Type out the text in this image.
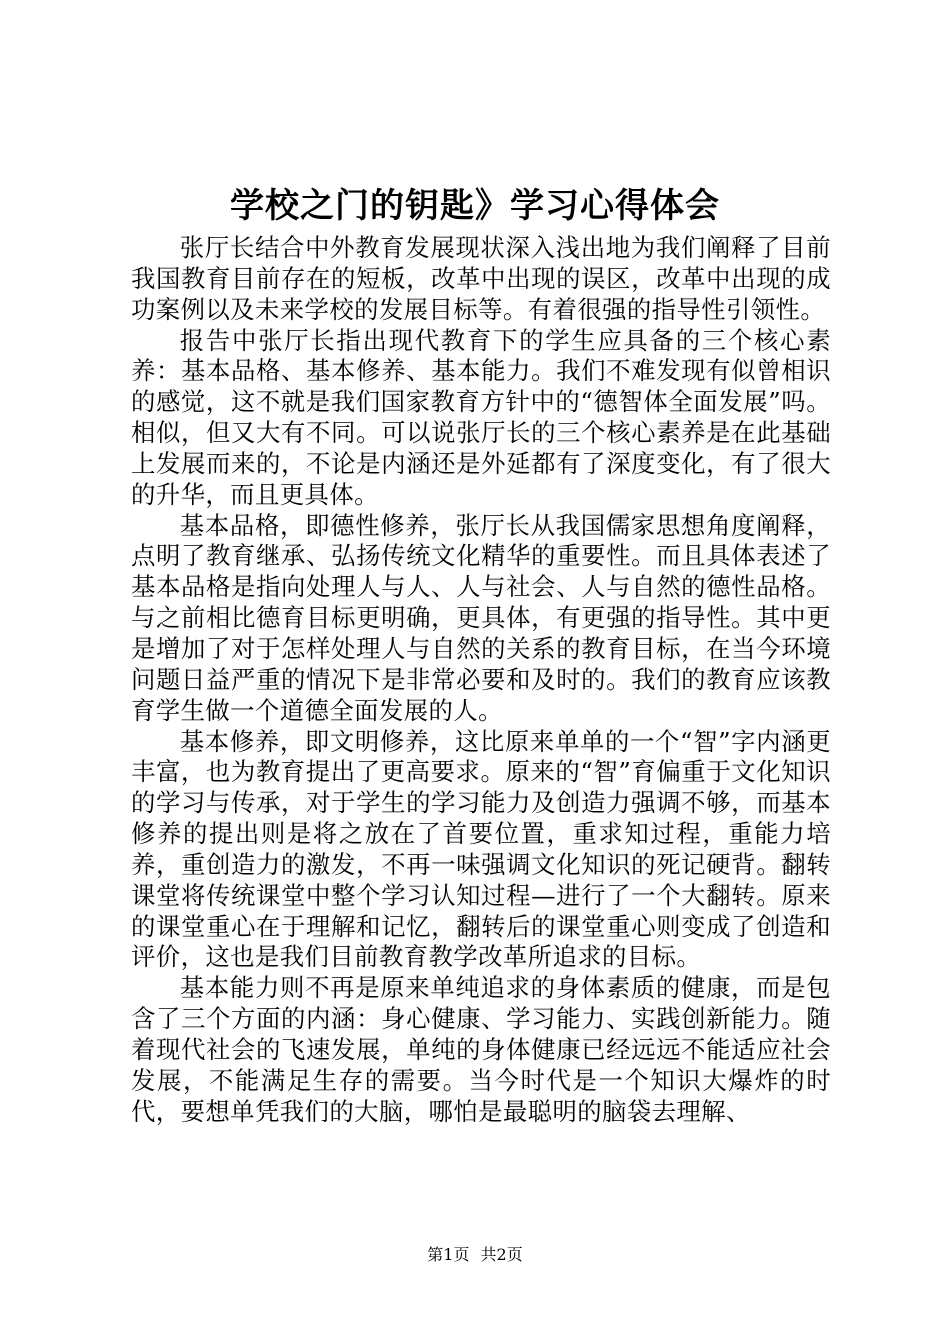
学校之门的钥匙》学习心得体会

张厅长结合中外教育发展现状深入浅出地为我们阐释了目前我国教育目前存在的短板，改革中出现的误区，改革中出现的成功案例以及未来学校的发展目标等。有着很强的指导性引领性。

报告中张厅长指出现代教育下的学生应具备的三个核心素养：基本品格、基本修养、基本能力。我们不难发现有似曾相识的感觉，这不就是我们国家教育方针中的“德智体全面发展”吗。相似，但又大有不同。可以说张厅长的三个核心素养是在此基础上发展而来的，不论是内涵还是外延都有了深度变化，有了很大的升华，而且更具体。

基本品格，即德性修养，张厅长从我国儒家思想角度阐释，点明了教育继承、弘扬传统文化精华的重要性。而且具体表述了基本品格是指向处理人与人、人与社会、人与自然的德性品格。与之前相比德育目标更明确，更具体，有更强的指导性。其中更是增加了对于怎样处理人与自然的关系的教育目标，在当今环境问题日益严重的情况下是非常必要和及时的。我们的教育应该教育学生做一个道德全面发展的人。

基本修养，即文明修养，这比原来单单的一个“智”字内涵更丰富，也为教育提出了更高要求。原来的“智”育偏重于文化知识的学习与传承，对于学生的学习能力及创造力强调不够，而基本修养的提出则是将之放在了首要位置，重求知过程，重能力培养，重创造力的激发，不再一味强调文化知识的死记硬背。翻转课堂将传统课堂中整个学习认知过程—进行了一个大翻转。原来的课堂重心在于理解和记忆，翻转后的课堂重心则变成了创造和评价，这也是我们目前教育教学改革所追求的目标。

基本能力则不再是原来单纯追求的身体素质的健康，而是包含了三个方面的内涵：身心健康、学习能力、实践创新能力。随着现代社会的飞速发展，单纯的身体健康已经远远不能适应社会发展，不能满足生存的需要。当今时代是一个知识大爆炸的时代，要想单凭我们的大脑，哪怕是最聪明的脑袋去理解、

第1页 共2页
